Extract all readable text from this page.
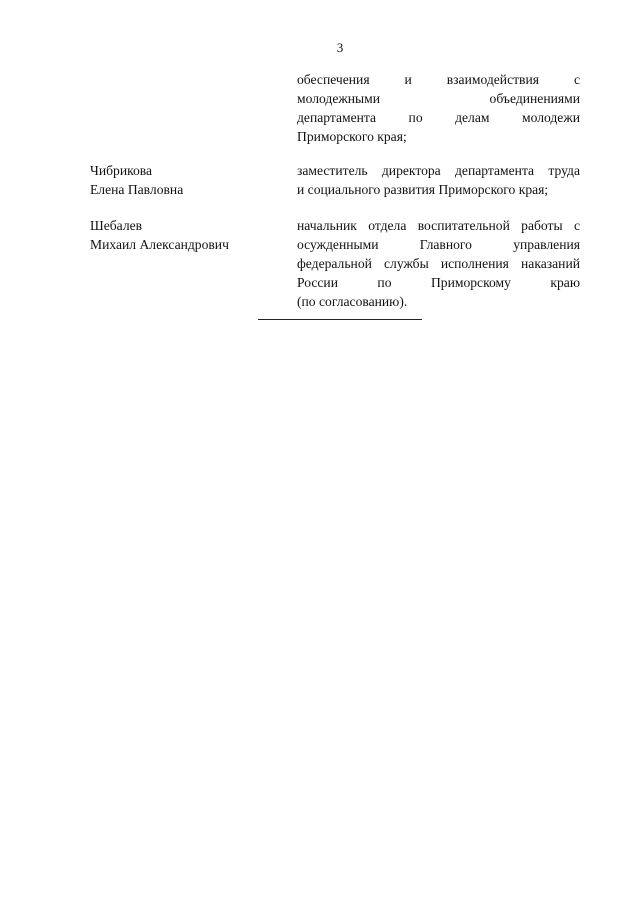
3
обеспечения и взаимодействия с
молодежными объединениями
департамента по делам молодежи
Приморского края;
Чибрикова
Елена Павловна
заместитель директора департамента труда
и социального развития Приморского края;
Шебалев
Михаил Александрович
начальник отдела воспитательной работы с
осужденными Главного управления
федеральной службы исполнения наказаний
России по Приморскому краю
(по согласованию).
